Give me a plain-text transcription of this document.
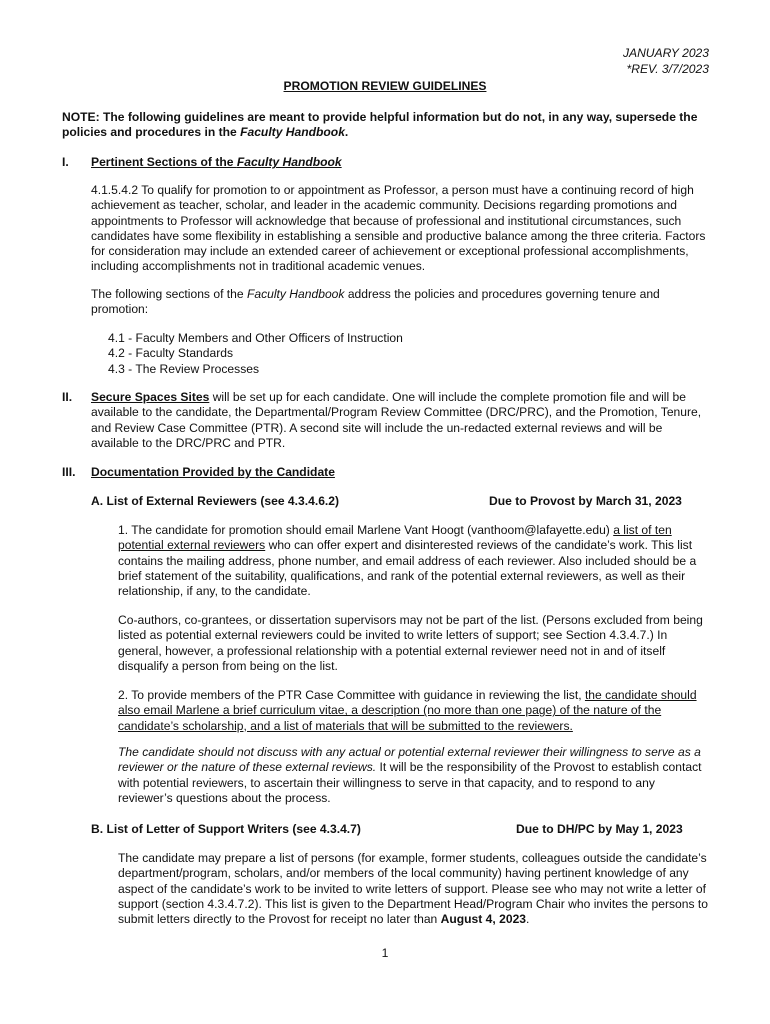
JANUARY 2023
*REV. 3/7/2023
PROMOTION REVIEW GUIDELINES

NOTE: The following guidelines are meant to provide helpful information but do not, in any way, supersede the policies and procedures in the Faculty Handbook.

I. Pertinent Sections of the Faculty Handbook

4.1.5.4.2 To qualify for promotion to or appointment as Professor, a person must have a continuing record of high achievement as teacher, scholar, and leader in the academic community. Decisions regarding promotions and appointments to Professor will acknowledge that because of professional and institutional circumstances, such candidates have some flexibility in establishing a sensible and productive balance among the three criteria. Factors for consideration may include an extended career of achievement or exceptional professional accomplishments, including accomplishments not in traditional academic venues.

The following sections of the Faculty Handbook address the policies and procedures governing tenure and promotion:

4.1 - Faculty Members and Other Officers of Instruction
4.2 - Faculty Standards
4.3 - The Review Processes
II. Secure Spaces Sites will be set up for each candidate. One will include the complete promotion file and will be available to the candidate, the Departmental/Program Review Committee (DRC/PRC), and the Promotion, Tenure, and Review Case Committee (PTR). A second site will include the un-redacted external reviews and will be available to the DRC/PRC and PTR.

III. Documentation Provided by the Candidate
A. List of External Reviewers (see 4.3.4.6.2)	Due to Provost by March 31, 2023

1. The candidate for promotion should email Marlene Vant Hoogt (vanthoom@lafayette.edu) a list of ten potential external reviewers who can offer expert and disinterested reviews of the candidate’s work. This list contains the mailing address, phone number, and email address of each reviewer. Also included should be a brief statement of the suitability, qualifications, and rank of the potential external reviewers, as well as their relationship, if any, to the candidate.

Co-authors, co-grantees, or dissertation supervisors may not be part of the list. (Persons excluded from being listed as potential external reviewers could be invited to write letters of support; see Section 4.3.4.7.) In general, however, a professional relationship with a potential external reviewer need not in and of itself disqualify a person from being on the list.

2. To provide members of the PTR Case Committee with guidance in reviewing the list, the candidate should also email Marlene a brief curriculum vitae, a description (no more than one page) of the nature of the candidate’s scholarship, and a list of materials that will be submitted to the reviewers.

The candidate should not discuss with any actual or potential external reviewer their willingness to serve as a reviewer or the nature of these external reviews. It will be the responsibility of the Provost to establish contact with potential reviewers, to ascertain their willingness to serve in that capacity, and to respond to any reviewer’s questions about the process.

B. List of Letter of Support Writers (see 4.3.4.7)	Due to DH/PC by May 1, 2023

The candidate may prepare a list of persons (for example, former students, colleagues outside the candidate’s department/program, scholars, and/or members of the local community) having pertinent knowledge of any aspect of the candidate’s work to be invited to write letters of support. Please see who may not write a letter of support (section 4.3.4.7.2). This list is given to the Department Head/Program Chair who invites the persons to submit letters directly to the Provost for receipt no later than August 4, 2023.

1
